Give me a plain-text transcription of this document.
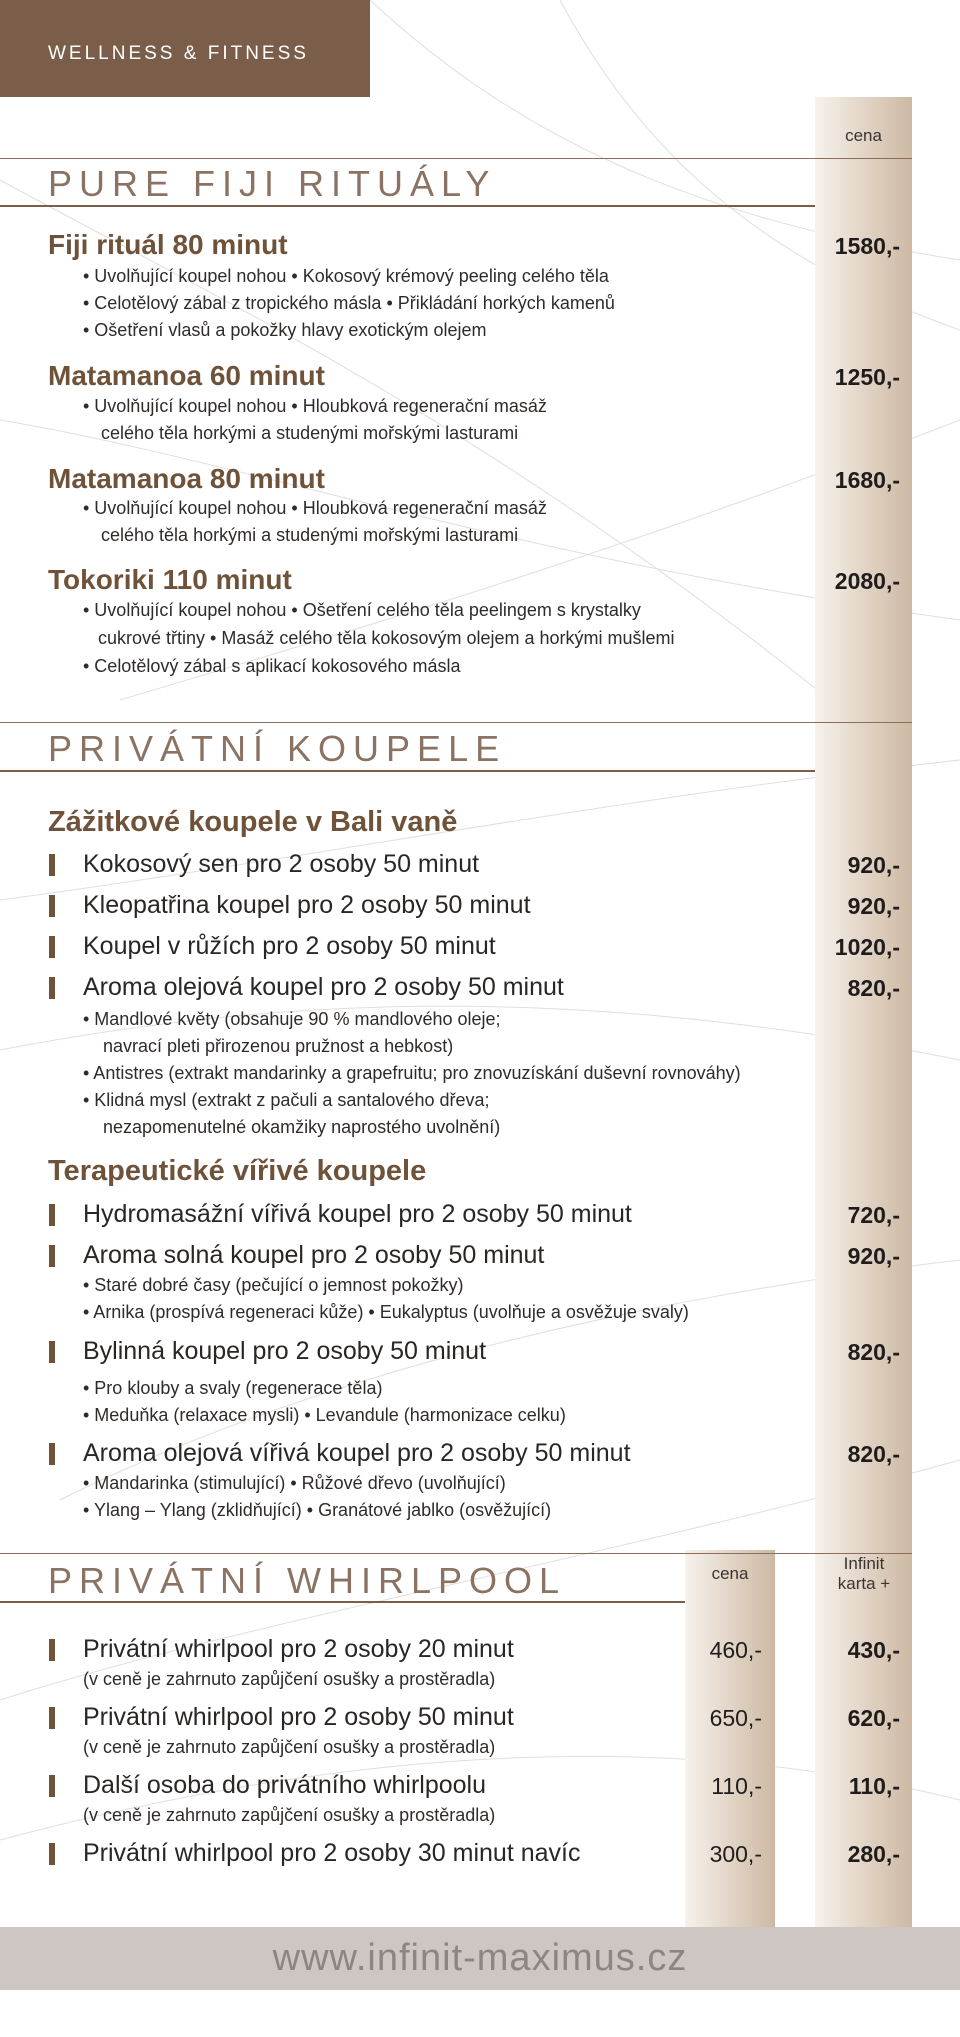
WELLNESS & FITNESS
cena
PURE FIJI RITUÁLY
Fiji rituál 80 minut	1580,-
• Uvolňující koupel nohou • Kokosový krémový peeling celého těla
• Celotělový zábal z tropického másla • Přikládání horkých kamenů
• Ošetření vlasů a pokožky hlavy exotickým olejem
Matamanoa 60 minut	1250,-
• Uvolňující koupel nohou • Hloubková regenerační masáž
celého těla horkými a studenými mořskými lasturami
Matamanoa 80 minut	1680,-
• Uvolňující koupel nohou • Hloubková regenerační masáž
celého těla horkými a studenými mořskými lasturami
Tokoriki 110 minut	2080,-
• Uvolňující koupel nohou • Ošetření celého těla peelingem s krystalky
cukrové třtiny • Masáž celého těla kokosovým olejem a horkými mušlemi
• Celotělový zábal s aplikací kokosového másla
PRIVÁTNÍ KOUPELE
Zážitkové koupele v Bali vaně
Kokosový sen pro 2 osoby 50 minut	920,-
Kleopatřina koupel pro 2 osoby 50 minut	920,-
Koupel v růžích pro 2 osoby 50 minut	1020,-
Aroma olejová koupel pro 2 osoby 50 minut	820,-
• Mandlové květy (obsahuje 90 % mandlového oleje;
navrací pleti přirozenou pružnost a hebkost)
• Antistres (extrakt mandarinky a grapefruitu; pro znovuzískání duševní rovnováhy)
• Klidná mysl (extrakt z pačuli a santalového dřeva;
nezapomenutelné okamžiky naprostého uvolnění)
Terapeutické vířivé koupele
Hydromasážní vířivá koupel pro 2 osoby 50 minut	720,-
Aroma solná koupel pro 2 osoby 50 minut	920,-
• Staré dobré časy (pečující o jemnost pokožky)
• Arnika (prospívá regeneraci kůže) • Eukalyptus (uvolňuje a osvěžuje svaly)
Bylinná koupel pro 2 osoby 50 minut	820,-
• Pro klouby a svaly (regenerace těla)
• Meduňka (relaxace mysli) • Levandule (harmonizace celku)
Aroma olejová vířivá koupel pro 2 osoby 50 minut	820,-
• Mandarinka (stimulující) • Růžové dřevo (uvolňující)
• Ylang – Ylang (zklidňující) • Granátové jablko (osvěžující)
PRIVÁTNÍ WHIRLPOOL	cena
Infinit karta +
Privátní whirlpool pro 2 osoby 20 minut	460,-	430,-
(v ceně je zahrnuto zapůjčení osušky a prostěradla)
Privátní whirlpool pro 2 osoby 50 minut	650,-	620,-
(v ceně je zahrnuto zapůjčení osušky a prostěradla)
Další osoba do privátního whirlpoolu	110,-	110,-
(v ceně je zahrnuto zapůjčení osušky a prostěradla)
Privátní whirlpool pro 2 osoby 30 minut navíc	300,-	280,-
www.infinit-maximus.cz
